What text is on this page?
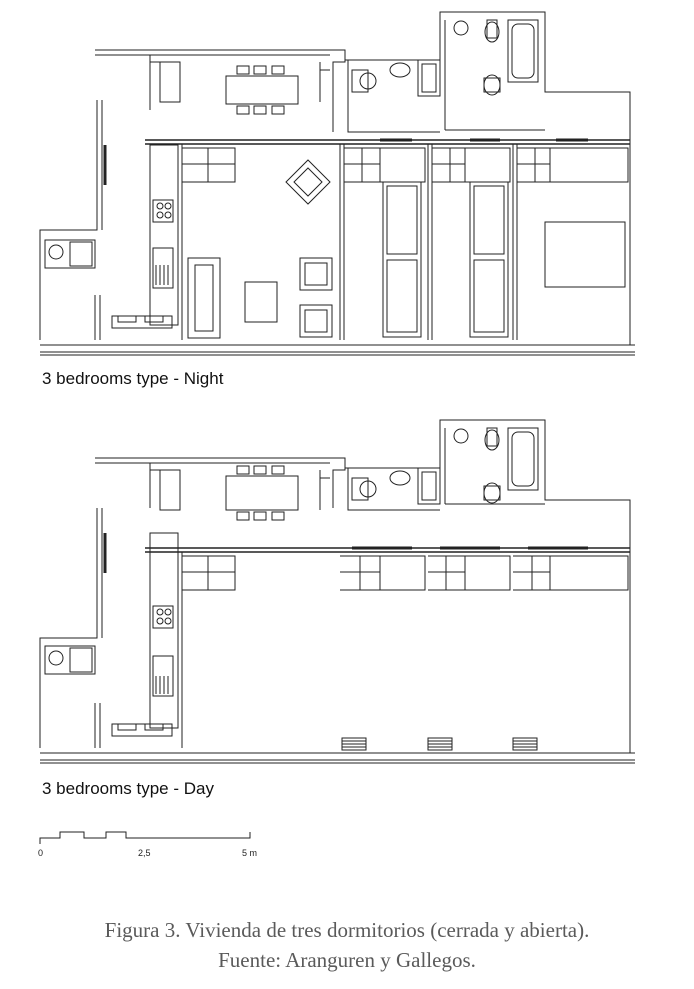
3 bedrooms type - Night
3 bedrooms type - Day
0	2,5	5 m
Figura 3. Vivienda de tres dormitorios (cerrada y abierta).
Fuente: Aranguren y Gallegos.
